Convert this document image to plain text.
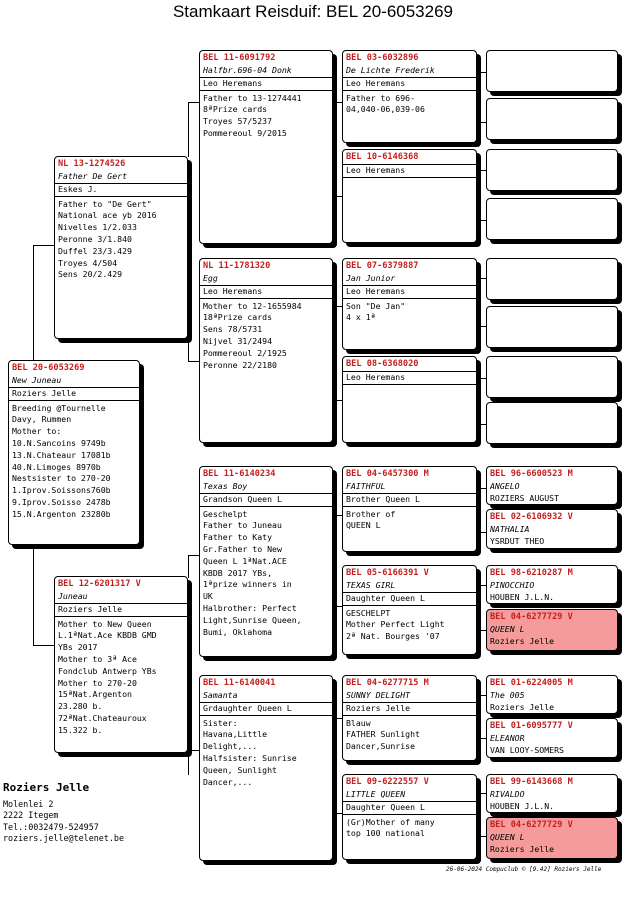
Stamkaart Reisduif: BEL 20-6053269
BEL 20-6053269
New Juneau
Roziers Jelle
Breeding @Tournelle
Davy, Rummen
Mother to:
10.N.Sancoins 9749b
13.N.Chateaur 17081b
40.N.Limoges 8970b
Nestsister to 270-20
1.Iprov.Soissons760b
9.Iprov.Soisso 2478b
15.N.Argenton 23280b
NL 13-1274526
Father De Gert
Eskes J.
Father to "De Gert"
National ace yb 2016
Nivelles 1/2.033
Peronne 3/1.840
Duffel 23/3.429
Troyes 4/504
Sens 20/2.429
BEL 12-6201317 V
Juneau
Roziers Jelle
Mother to New Queen
L.1ªNat.Ace KBDB GMD
YBs 2017
Mother to 3ª Ace
Fondclub Antwerp YBs
Mother to 270-20
15ªNat.Argenton
23.280 b.
72ªNat.Chateauroux
15.322 b.
BEL 11-6091792
Halfbr.696-04 Donk
Leo Heremans
Father to 13-1274441
8ªPrize cards
Troyes 57/5237
Pommereoul 9/2015
NL 11-1781320
Egg
Leo Heremans
Mother to 12-1655984
18ªPrize cards
Sens 78/5731
Nijvel 31/2494
Pommereoul 2/1925
Peronne 22/2180
BEL 11-6140234
Texas Boy
Grandson Queen L
Geschelpt
Father to Juneau
Father to Katy
Gr.Father to New
Queen L 1ªNat.ACE
KBDB 2017 YBs,
1ªprize winners in
UK
Halbrother: Perfect
Light,Sunrise Queen,
Bumi, Oklahoma
BEL 11-6140041
Samanta
Grdaughter Queen L
Sister:
Havana,Little
Delight,...
Halfsister: Sunrise
Queen, Sunlight
Dancer,...
BEL 03-6032896
De Lichte Frederik
Leo Heremans
Father to 696-
04,040-06,039-06
BEL 10-6146368
Leo Heremans
BEL 07-6379887
Jan Junior
Leo Heremans
Son "De Jan"
4 x 1ª
BEL 08-6368020
Leo Heremans
BEL 04-6457300 M
FAITHFUL
Brother Queen L
Brother of
QUEEN L
BEL 05-6166391 V
TEXAS GIRL
Daughter Queen L
GESCHELPT
Mother Perfect Light
2ª Nat. Bourges '07
BEL 04-6277715 M
SUNNY DELIGHT
Roziers Jelle
Blauw
FATHER Sunlight
Dancer,Sunrise
BEL 09-6222557 V
LITTLE QUEEN
Daughter Queen L
(Gr)Mother of many
top 100 national
BEL 96-6600523 M
ANGELO
ROZIERS AUGUST
BEL 02-6106932 V
NATHALIA
YSRDUT THEO
BEL 98-6210287 M
PINOCCHIO
HOUBEN J.L.N.
BEL 04-6277729 V
QUEEN L
Roziers Jelle
BEL 01-6224005 M
The 005
Roziers Jelle
BEL 01-6095777 V
ELEANOR
VAN LOOY-SOMERS
BEL 99-6143668 M
RIVALDO
HOUBEN J.L.N.
BEL 04-6277729 V
QUEEN L
Roziers Jelle
Roziers Jelle
Molenlei 2
2222 Itegem
Tel.:0032479-524957
roziers.jelle@telenet.be
26-06-2024 Compuclub © [9.42] Roziers Jelle
